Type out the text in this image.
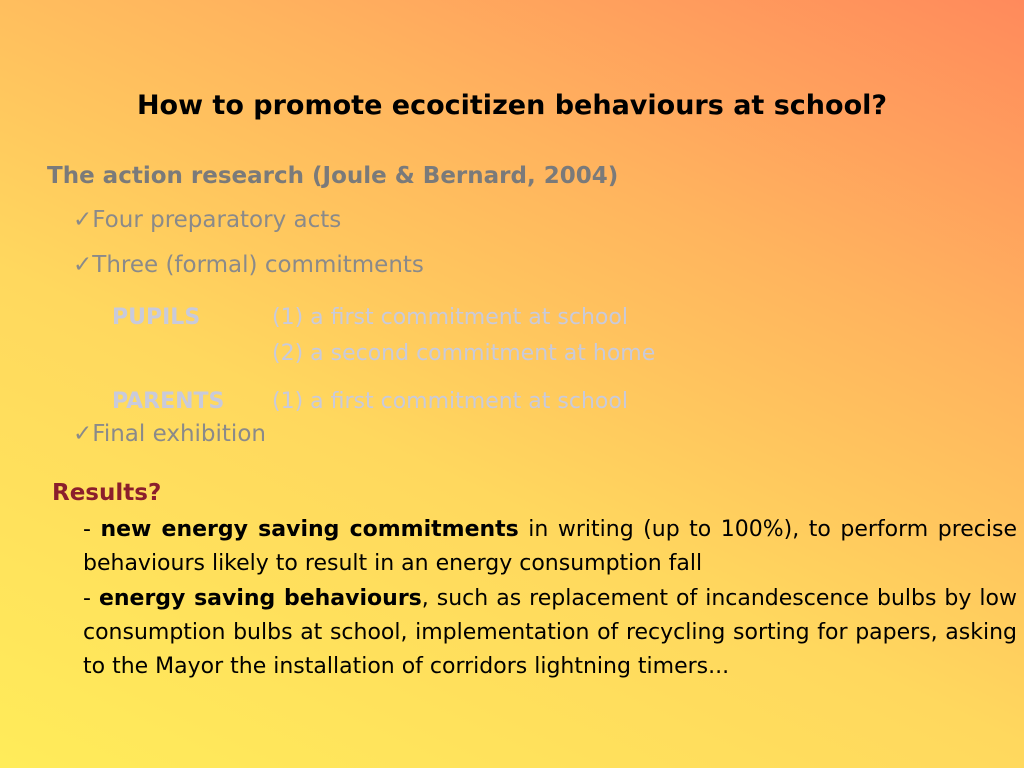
How to promote ecocitizen behaviours at school?
The action research (Joule & Bernard, 2004)
✓Four preparatory acts
✓Three (formal) commitments
PUPILS	(1) a first commitment at school
(2) a second commitment at home
PARENTS (1) a first commitment at school
✓Final exhibition
Results?
- new energy saving commitments in writing (up to 100%), to perform precise behaviours likely to result in an energy consumption fall
- energy saving behaviours, such as replacement of incandescence bulbs by low consumption bulbs at school, implementation of recycling sorting for papers, asking to the Mayor the installation of corridors lightning timers...
